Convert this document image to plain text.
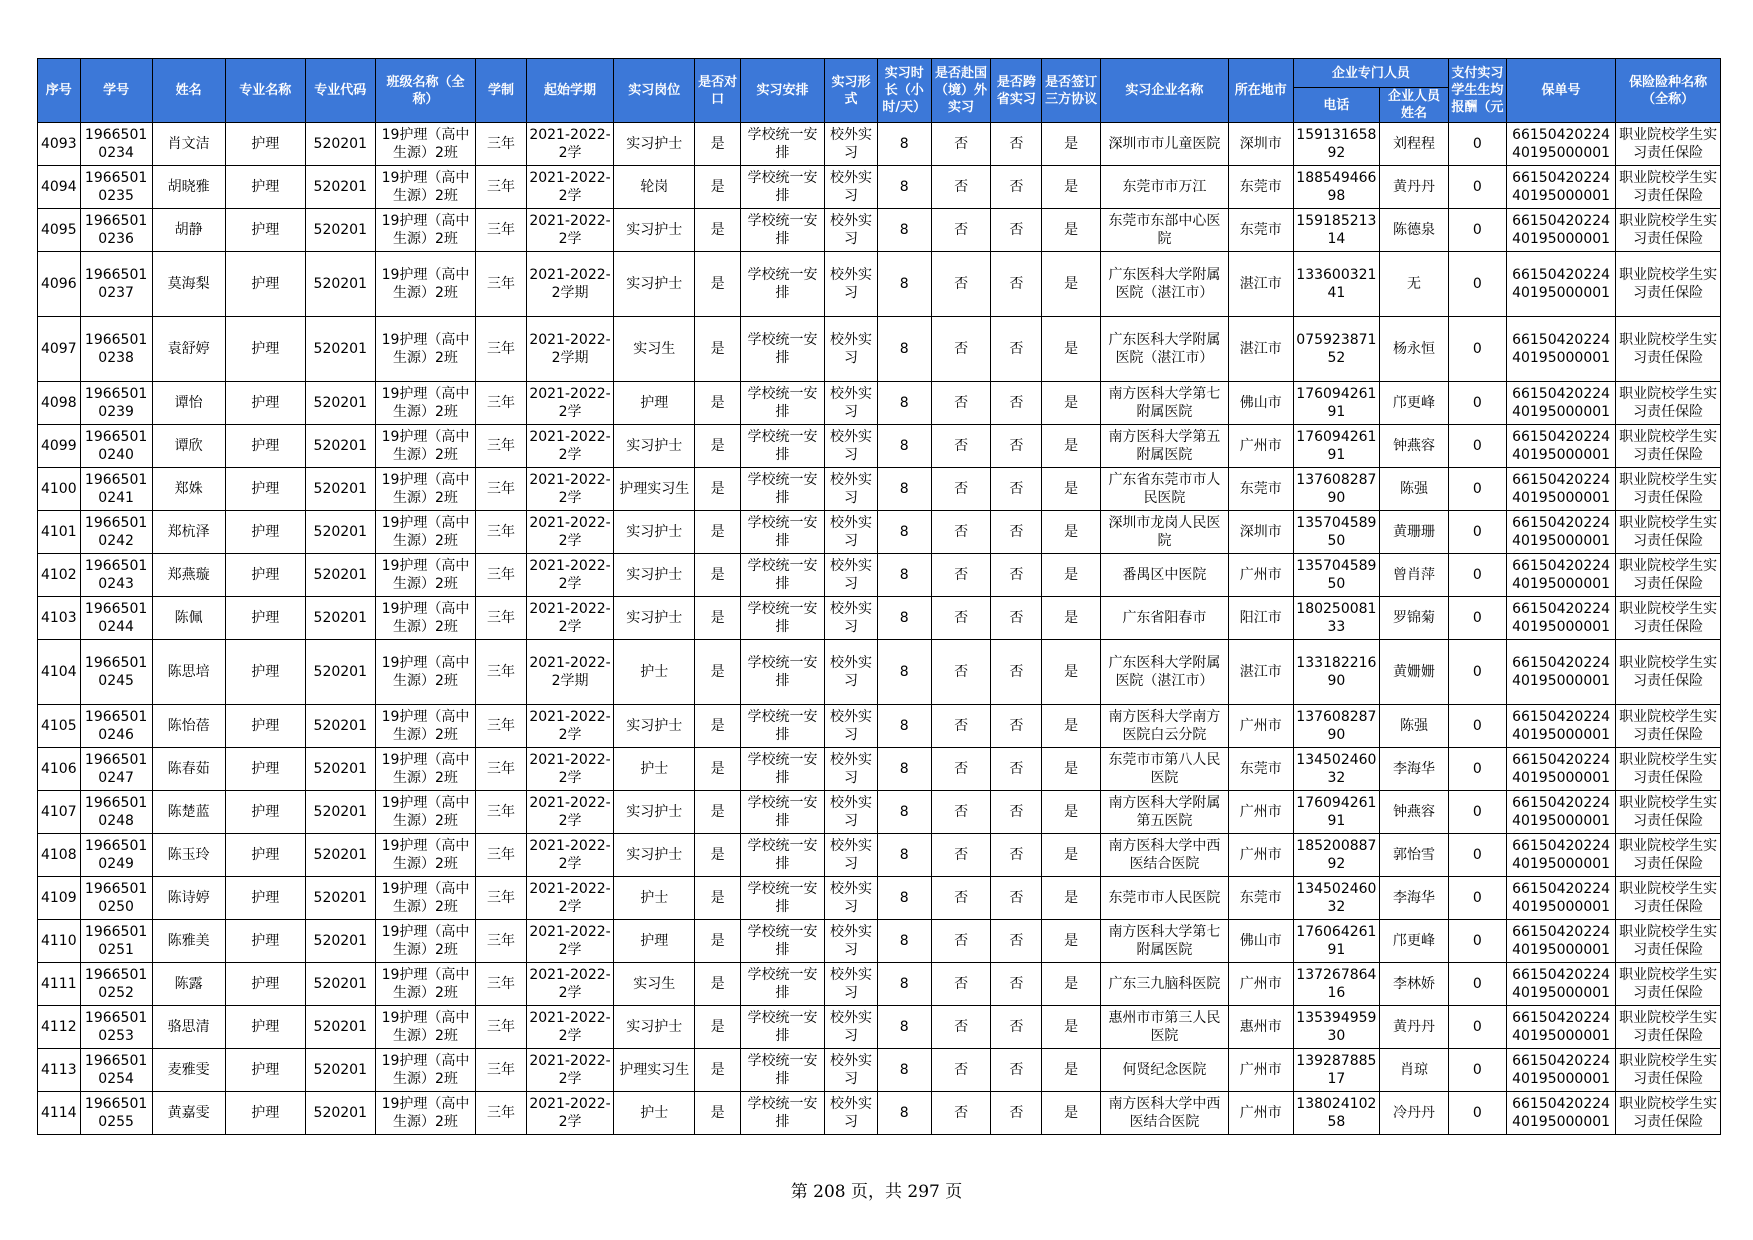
序号	学号	姓名	专业名称	专业代码	班级名称（全称）	学制	起始学期	实习岗位	是否对口	实习安排	实习形式	实习时长（小时/天）	是否赴国（境）外实习	是否跨省实习	是否签订三方协议	实习企业名称	所在地市	企业专门人员		支付实习学生生均报酬（元	保单号	保险险种名称（全称）
																		电话	企业人员姓名			
4093	19665010234	肖文洁	护理	520201	19护理（高中生源）2班	三年	2021-2022-2学	实习护士	是	学校统一安排	校外实习	8	否	否	是	深圳市市儿童医院	深圳市	15913165892	刘程程	0	6615042022440195000001	职业院校学生实习责任保险
4094	19665010235	胡晓雅	护理	520201	19护理（高中生源）2班	三年	2021-2022-2学	轮岗	是	学校统一安排	校外实习	8	否	否	是	东莞市市万江	东莞市	18854946698	黄丹丹	0	6615042022440195000001	职业院校学生实习责任保险
4095	19665010236	胡静	护理	520201	19护理（高中生源）2班	三年	2021-2022-2学	实习护士	是	学校统一安排	校外实习	8	否	否	是	东莞市东部中心医院	东莞市	15918521314	陈德泉	0	6615042022440195000001	职业院校学生实习责任保险
4096	19665010237	莫海梨	护理	520201	19护理（高中生源）2班	三年	2021-2022-2学期	实习护士	是	学校统一安排	校外实习	8	否	否	是	广东医科大学附属医院（湛江市）	湛江市	13360032141	无	0	6615042022440195000001	职业院校学生实习责任保险
4097	19665010238	袁舒婷	护理	520201	19护理（高中生源）2班	三年	2021-2022-2学期	实习生	是	学校统一安排	校外实习	8	否	否	是	广东医科大学附属医院（湛江市）	湛江市	07592387152	杨永恒	0	6615042022440195000001	职业院校学生实习责任保险
4098	19665010239	谭怡	护理	520201	19护理（高中生源）2班	三年	2021-2022-2学	护理	是	学校统一安排	校外实习	8	否	否	是	南方医科大学第七附属医院	佛山市	17609426191	邝更峰	0	6615042022440195000001	职业院校学生实习责任保险
4099	19665010240	谭欣	护理	520201	19护理（高中生源）2班	三年	2021-2022-2学	实习护士	是	学校统一安排	校外实习	8	否	否	是	南方医科大学第五附属医院	广州市	17609426191	钟燕容	0	6615042022440195000001	职业院校学生实习责任保险
4100	19665010241	郑姝	护理	520201	19护理（高中生源）2班	三年	2021-2022-2学	护理实习生	是	学校统一安排	校外实习	8	否	否	是	广东省东莞市市人民医院	东莞市	13760828790	陈强	0	6615042022440195000001	职业院校学生实习责任保险
4101	19665010242	郑杭泽	护理	520201	19护理（高中生源）2班	三年	2021-2022-2学	实习护士	是	学校统一安排	校外实习	8	否	否	是	深圳市龙岗人民医院	深圳市	13570458950	黄珊珊	0	6615042022440195000001	职业院校学生实习责任保险
4102	19665010243	郑燕璇	护理	520201	19护理（高中生源）2班	三年	2021-2022-2学	实习护士	是	学校统一安排	校外实习	8	否	否	是	番禺区中医院	广州市	13570458950	曾肖萍	0	6615042022440195000001	职业院校学生实习责任保险
4103	19665010244	陈佩	护理	520201	19护理（高中生源）2班	三年	2021-2022-2学	实习护士	是	学校统一安排	校外实习	8	否	否	是	广东省阳春市	阳江市	18025008133	罗锦菊	0	6615042022440195000001	职业院校学生实习责任保险
4104	19665010245	陈思培	护理	520201	19护理（高中生源）2班	三年	2021-2022-2学期	护士	是	学校统一安排	校外实习	8	否	否	是	广东医科大学附属医院（湛江市）	湛江市	13318221690	黄姗姗	0	6615042022440195000001	职业院校学生实习责任保险
4105	19665010246	陈怡蓓	护理	520201	19护理（高中生源）2班	三年	2021-2022-2学	实习护士	是	学校统一安排	校外实习	8	否	否	是	南方医科大学南方医院白云分院	广州市	13760828790	陈强	0	6615042022440195000001	职业院校学生实习责任保险
4106	19665010247	陈春茹	护理	520201	19护理（高中生源）2班	三年	2021-2022-2学	护士	是	学校统一安排	校外实习	8	否	否	是	东莞市市第八人民医院	东莞市	13450246032	李海华	0	6615042022440195000001	职业院校学生实习责任保险
4107	19665010248	陈楚蓝	护理	520201	19护理（高中生源）2班	三年	2021-2022-2学	实习护士	是	学校统一安排	校外实习	8	否	否	是	南方医科大学附属第五医院	广州市	17609426191	钟燕容	0	6615042022440195000001	职业院校学生实习责任保险
4108	19665010249	陈玉玲	护理	520201	19护理（高中生源）2班	三年	2021-2022-2学	实习护士	是	学校统一安排	校外实习	8	否	否	是	南方医科大学中西医结合医院	广州市	18520088792	郭怡雪	0	6615042022440195000001	职业院校学生实习责任保险
4109	19665010250	陈诗婷	护理	520201	19护理（高中生源）2班	三年	2021-2022-2学	护士	是	学校统一安排	校外实习	8	否	否	是	东莞市市人民医院	东莞市	13450246032	李海华	0	6615042022440195000001	职业院校学生实习责任保险
4110	19665010251	陈雅美	护理	520201	19护理（高中生源）2班	三年	2021-2022-2学	护理	是	学校统一安排	校外实习	8	否	否	是	南方医科大学第七附属医院	佛山市	17606426191	邝更峰	0	6615042022440195000001	职业院校学生实习责任保险
4111	19665010252	陈露	护理	520201	19护理（高中生源）2班	三年	2021-2022-2学	实习生	是	学校统一安排	校外实习	8	否	否	是	广东三九脑科医院	广州市	13726786416	李林娇	0	6615042022440195000001	职业院校学生实习责任保险
4112	19665010253	骆思清	护理	520201	19护理（高中生源）2班	三年	2021-2022-2学	实习护士	是	学校统一安排	校外实习	8	否	否	是	惠州市市第三人民医院	惠州市	13539495930	黄丹丹	0	6615042022440195000001	职业院校学生实习责任保险
4113	19665010254	麦雅雯	护理	520201	19护理（高中生源）2班	三年	2021-2022-2学	护理实习生	是	学校统一安排	校外实习	8	否	否	是	何贤纪念医院	广州市	13928788517	肖琼	0	6615042022440195000001	职业院校学生实习责任保险
4114	19665010255	黄嘉雯	护理	520201	19护理（高中生源）2班	三年	2021-2022-2学	护士	是	学校统一安排	校外实习	8	否	否	是	南方医科大学中西医结合医院	广州市	13802410258	冷丹丹	0	6615042022440195000001	职业院校学生实习责任保险
第 208 页，共 297 页
